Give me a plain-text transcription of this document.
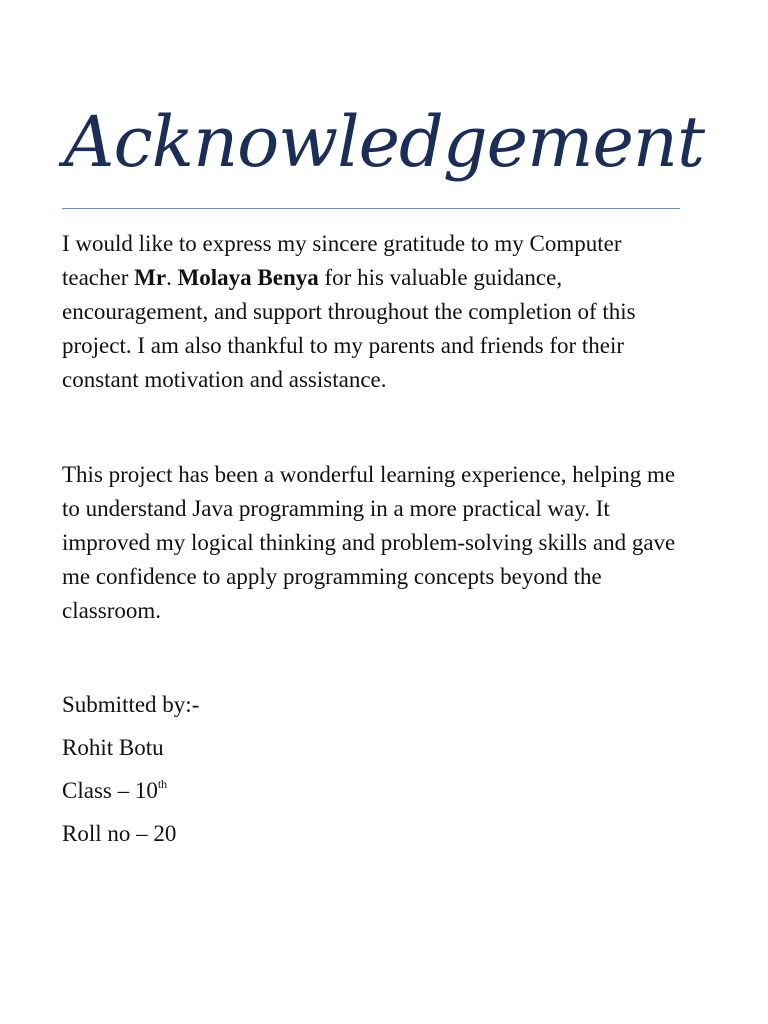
Acknowledgement

I would like to express my sincere gratitude to my Computer teacher Mr. Molaya Benya for his valuable guidance, encouragement, and support throughout the completion of this project. I am also thankful to my parents and friends for their constant motivation and assistance.

This project has been a wonderful learning experience, helping me to understand Java programming in a more practical way. It improved my logical thinking and problem-solving skills and gave me confidence to apply programming concepts beyond the classroom.

Submitted by:-
Rohit Botu
Class – 10th
Roll no – 20
